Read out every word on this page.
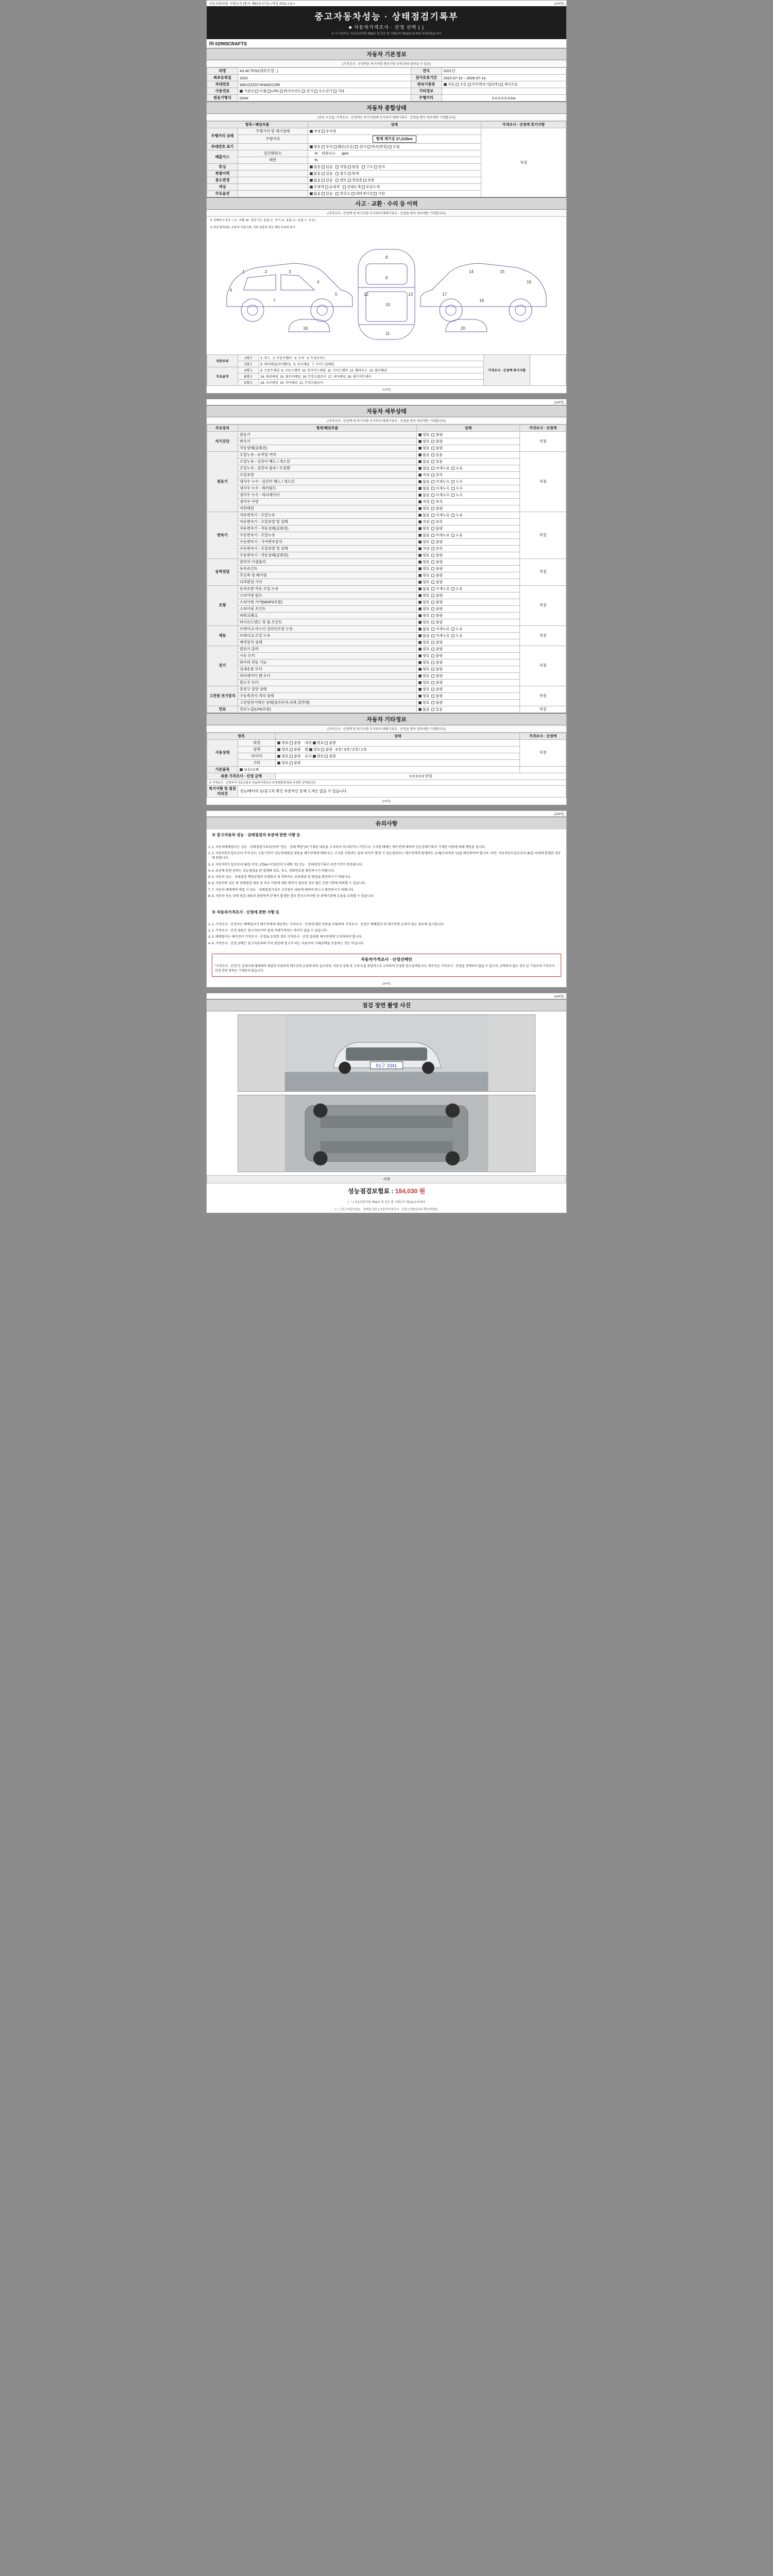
자동차관리법 시행규칙 [별지 제82호서식] <개정 2021.1.5.>	(1/4면)
중고자동차성능 · 상태점검기록부
■ 자동차가격조사 · 산정 선택 ( )
※ 이 기록부는 자동차관리법 제58조 및 같은 법 시행규칙 제120조에 따라 작성되었습니다.
㈜ 02900CRAFTS
자동차 기본정보
(가격조사 · 산정액은 특기사항 확인사항 등에 따라 달라질 수 있음)
차명	A3 40 TFSI(세부모델 : )	연식	2021년
최초등록일	2022	검사유효기간	2022-07-15 ~ 2026-07-14
차대번호	WAUZZZGY4NA001299	변속기종류	자동 수동 무단변속기(CVT) 세미오토
사용연료	가솔린 디젤 LPG 하이브리드 전기 수소전기 기타	기타정보	
원동기형식	DKW	주행거리	0 0 0 0 0 0 km
자동차 종합상태
(주요 구조물, 가격조사 · 산정액은 특기사항에 부식되어 매매기록부 · 산정을 받아 경우에만 기재합니다)
항목 / 해당부품		상태	가격조사 · 산정액 특기사항
주행거리 상태	주행거리 및 계기상태	적정 부적정	적정
	주행거리	현재 계기상 27,215km	
차대번호 표기		양호 부식 훼손(오손) 상이 변조(변칭) 도말	
배출가스	일산화탄소	%    탄화수소      ppm	
	매연	%	
튜닝		없음 있음   적법 불법   구조 장치	
특별이력		없음 있음   침수 화재	
용도변경		없음 있음   렌트 영업용 관용	
색상		무채색 유채색   전체도색 부분도색	
주요옵션		없음 있음   썬루프 네비게이션 기타	
사고 · 교환 · 수리 등 이력
(가격조사 · 산정액 및 특기사항 부식되어 매매기록부 · 산정을 받아 경우에만 기재합니다)
※ 상태표시 부호 : ( X : 교환, W : 판금 또는 용접, C : 부식, A : 흠집, U : 요철, T : 손상 )
※ 하단 항목에는 승용차 기준이며, 기타 차종의 경우 해당 부위에 표기
1	2	3
4
5
6
7
8
9
10
11
12	13
14	15
16
17
18
19	20
외판부위	1랭크	1. 후드   2. 프론트휀더   3. 도어   4. 트렁크리드	가격조사 · 산정액 특기사항	
	2랭크	5. 쿼터패널(리어휀더)   6. 루프패널   7. 사이드실패널		
주요골격	A랭크	8. 프론트패널  9. 크로스멤버  10. 인사이드패널  11. 사이드멤버  12. 휠하우스  13. 필러패널		
	B랭크	14. 대쉬패널  15. 플로어패널  16. 트렁크플로어  17. 리어패널  18. 패키지트레이		
	C랭크	19. 루프레일  20. 리어패널  21. 트렁크플로어		
(1/4면)
(2/4면)
자동차 세부상태
(가격조사 · 산정액 및 특기사항 부식되어 매매기록부 · 산정을 받아 경우에만 기재합니다)
주요장치	항목/해당부품	상태	가격조사 · 산정액
자기진단	원동기	양호  불량	적정
	변속기	양호  불량	
	작동상태(공회전)	양호  불량	
원동기	오일누유 - 로커암 커버	없음  있음	적정
	오일누유 - 실린더 헤드 / 개스킷	없음  있음	
	오일누유 - 실린더 블록 / 오일팬	없음  미세누유  누유	
	오일유량	적정  부족	
	냉각수 누수 - 실린더 헤드 / 개스킷	없음  미세누수  누수	
	냉각수 누수 - 워터펌프	없음  미세누수  누수	
	냉각수 누수 - 라디에이터	없음  미세누수  누수	
	냉각수 수량	적정  부족	
	커먼레일	양호  불량	
변속기	자동변속기 - 오일누유	없음  미세누유  누유	적정
	자동변속기 - 오일유량 및 상태	적정  부족	
	자동변속기 - 작동상태(공회전)	양호  불량	
	수동변속기 - 오일누유	없음  미세누유  누유	
	수동변속기 - 기어변속장치	양호  불량	
	수동변속기 - 오일유량 및 상태	적정  부족	
	수동변속기 - 작동상태(공회전)	양호  불량	
동력전달	클러치 어셈블리	양호  불량	적정
	등속죠인트	양호  불량	
	추진축 및 베어링	양호  불량	
	디퍼렌셜 기어	양호  불량	
조향	동력조향 작동 오일 누유	없음  미세누유  누유	적정
	스티어링 펌프	양호  불량	
	스티어링 기어(MDPS포함)	양호  불량	
	스티어링 조인트	양호  불량	
	파워크랭크	양호  불량	
	타이로드엔드 및 볼 조인트	양호  불량	
제동	브레이크 마스터 실린더오일 누유	없음  미세누유  누유	적정
	브레이크 오일 누유	없음  미세누유  누유	
	배력장치 상태	양호  불량	
전기	발전기 출력	양호  불량	적정
	시동 모터	양호  불량	
	와이퍼 전동 기능	양호  불량	
	실내송풍 모터	양호  불량	
	라디에이터 팬 모터	양호  불량	
	윈도우 모터	양호  불량	
고전원 전기장치	충전구 절연 상태	양호  불량	적정
	구동축전지 격리 상태	양호  불량	
	고전원전기배선 상태(접속단자,피복,절연체)	양호  불량	
연료	연료누출(LPG포함)	없음  있음	적정
자동차 기타정보
(가격조사 · 산정액 및 특기사항 부식되어 매매기록부 · 산정을 받아 경우에만 기재합니다)
항목		상태	가격조사 · 산정액
사용상태	외장	양호 불량    내장 양호 불량	적정
	광택	양호 불량    휠 양호 불량   4개 / 3개 / 2개 / 1개	
	타이어	양호 불량    유리 양호 불량	
	기타	양호 불량	
기본품목	보유/교체		
최종 가격조사 · 산정 금액		0 0 0 0 0 만원	
※ 가격조사 · 산정자가 국토교통부 자동차가격조사 산정방법에 따라 산정한 금액입니다.			
특기사항 및 점검자의견	성능/배터리 등/중고차 확인 부분적인 문제 도색은 없을 수 있습니다.		
(2/4면)
(3/4면)
유의사항
※ 중고자동차 성능 · 상태점검자 보증에 관한 사항 등
1. 1. 자동차매매업자는 성능 · 상태점검기록부(이하 "성능 · 상태 책임")에 기재된 내용을 고지하지 아니하거나 거짓으로 고지할 때에는 매수인에 대하여 성능상태기록부 기재한 사항에 대해 책임을 집니다.
2. 2. 자동차인도일로부터 가격 또는 고용기간이 성능상태점검 내용을 매수인에게 매매 또는 고지한 사항과는 달리 차이가 발생 시 성능점검자는 매수인에게 발생하는 손해(수리비용 등)를 배상하여야 합니다. 다만, 자동차인도일로부터 30일 이내에 발생한 경우에 한합니다.
3. 3. 자동차인도일로부터 30일 이상, 2천km 이상(먼저 도래한 것) 성능 · 상태점검기록부 보증기간이 종료됩니다.
4. 4. 보증에 관련 문의는 성능점검을 한 업체와 상호, 주소, 전화번호를 확인하시기 바랍니다.
5. 5. 자동차 성능 · 상태점검 책임보험의 보험회사 및 연락처는 보증범위 및 방법을 확인하시기 바랍니다.
6. 6. 자동차의 성능 및 상태점검 내용 중 주요 사항에 대한 확인이 필요한 경우 별도 전문기관에 의뢰할 수 있습니다.
7. 7. 자동차 매매계약 체결 시 성능 · 상태점검기록부 교부받은 내용에 대하여 반드시 확인하시기 바랍니다.
8. 8. 자동차 성능 상태 점검 내용과 관련하여 분쟁이 발생한 경우 한국소비자원 등 관계기관에 도움을 요청할 수 있습니다.
※ 자동차가격조사 · 산정에 관한 사항 등
1. 1. 가격조사 · 산정자는 매매업자가 매수인에게 제공하는 가격조사 · 산정에 대한 비용을 부담하며 가격조사 · 산정은 매매업자 및 매수인의 요청이 있는 경우에 실시합니다.
2. 2. 가격조사 · 산정 내용은 참고자료이며 실제 거래가격과는 차이가 있을 수 있습니다.
3. 3. 매매업자는 매수인이 가격조사 · 산정을 요청한 경우 가격조사 · 산정 결과를 매수인에게 고지하여야 합니다.
4. 4. 가격조사 · 산정 금액은 중고자동차의 가치 판단에 참고가 되는 자료이며 거래금액을 보증하는 것은 아닙니다.
자동차가격조사 · 산정선택안
"가격조사 · 산정"은 실제거래 매매계약 체결과 무관하게 매수인의 요청에 따라 실시되며, 자동차 상태 및 시세 등을 종합적으로 고려하여 산정한 참고금액입니다. 매수인은 가격조사 · 산정을 선택하지 않을 수 있으며, 선택하지 않은 경우 본 기록부의 가격조사 · 산정 관련 항목은 기재되지 않습니다.
(3/4면)
(4/4면)
점검 장면 촬영 사진
51구 2341
서명
성능점검보험료 : 184,030 원
[ ㄱ ] 자동차관리법 제58조 및 같은 법 시행규칙 제120조에 따라
[ ㄴ ] 중고자동차성능 · 상태점 검은 [ 자동차가격조사 · 산정 ] 사항입니다 확인하였음.
